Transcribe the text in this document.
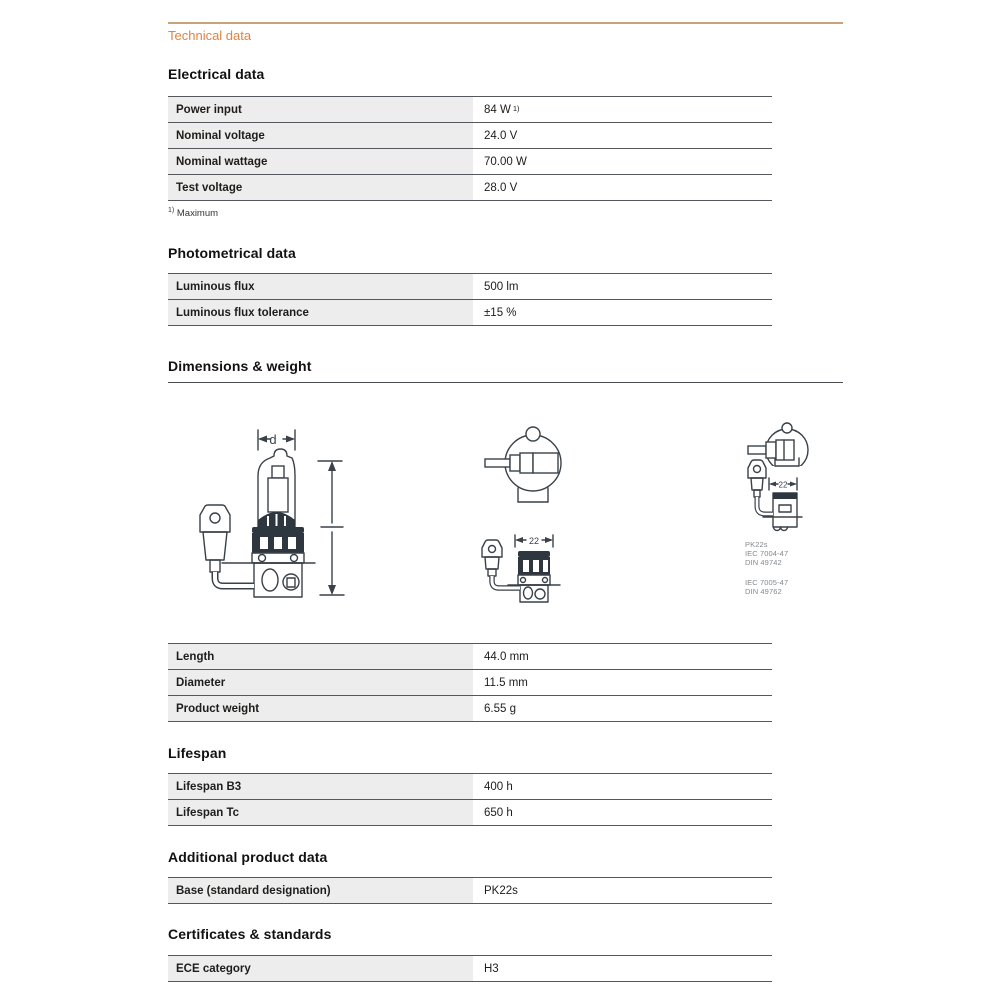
Technical data
Electrical data
Power input	84 W $^{1)}$
Nominal voltage	24.0 V
Nominal wattage	70.00 W
Test voltage	28.0 V
$^{1)}$ Maximum
Photometrical data
Luminous flux	500 lm
Luminous flux tolerance	±15 %
Dimensions & weight
d
22
22
PK22s
IEC 7004-47
DIN 49742
IEC 7005-47
DIN 49762
Length	44.0 mm
Diameter	11.5 mm
Product weight	6.55 g
Lifespan
Lifespan B3	400 h
Lifespan Tc	650 h
Additional product data
Base (standard designation)	PK22s
Certificates & standards
ECE category	H3
